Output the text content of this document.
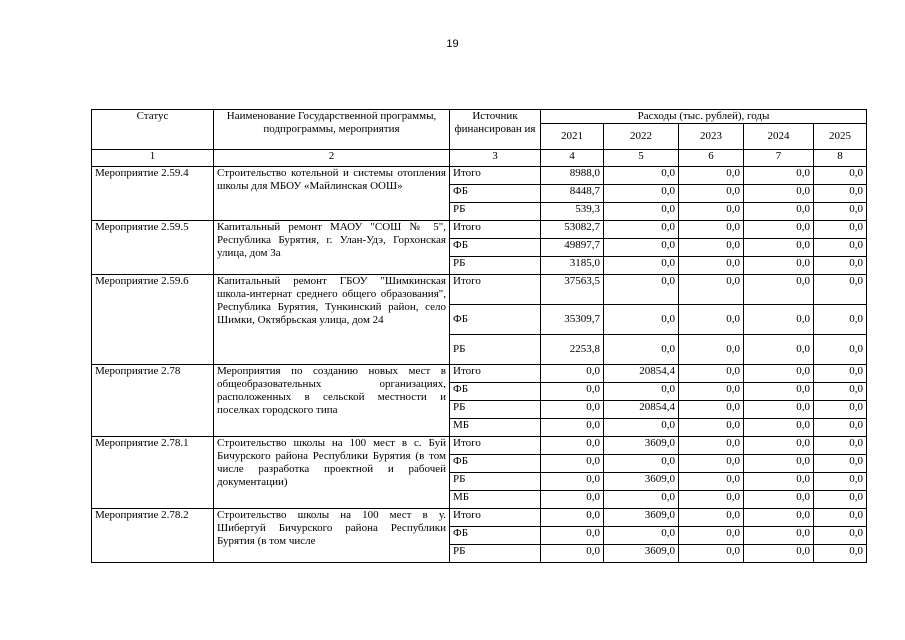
19
Статус	Наименование Государственной программы, подпрограммы, мероприятия	Источник финансирован ия	Расходы (тыс. рублей), годы				
			2021	2022	2023	2024	2025
1	2	3	4	5	6	7	8
Мероприятие 2.59.4	Строительство котельной и системы отопления школы для МБОУ «Майлинская ООШ»	Итого	8988,0	0,0	0,0	0,0	0,0
		ФБ	8448,7	0,0	0,0	0,0	0,0
		РБ	539,3	0,0	0,0	0,0	0,0
Мероприятие 2.59.5	Капитальный ремонт МАОУ "СОШ № 5", Республика Бурятия, г. Улан-Удэ, Горхонская улица, дом 3а	Итого	53082,7	0,0	0,0	0,0	0,0
		ФБ	49897,7	0,0	0,0	0,0	0,0
		РБ	3185,0	0,0	0,0	0,0	0,0
Мероприятие 2.59.6	Капитальный ремонт ГБОУ "Шимкинская школа-интернат среднего общего образования", Республика Бурятия, Тункинский район, село Шимки, Октябрьская улица, дом 24	Итого	37563,5	0,0	0,0	0,0	0,0
		ФБ	35309,7	0,0	0,0	0,0	0,0
		РБ	2253,8	0,0	0,0	0,0	0,0
Мероприятие 2.78	Мероприятия по созданию новых мест в общеобразовательных организациях, расположенных в сельской местности и поселках городского типа	Итого	0,0	20854,4	0,0	0,0	0,0
		ФБ	0,0	0,0	0,0	0,0	0,0
		РБ	0,0	20854,4	0,0	0,0	0,0
		МБ	0,0	0,0	0,0	0,0	0,0
Мероприятие 2.78.1	Строительство школы на 100 мест в с. Буй Бичурского района Республики Бурятия (в том числе разработка проектной и рабочей документации)	Итого	0,0	3609,0	0,0	0,0	0,0
		ФБ	0,0	0,0	0,0	0,0	0,0
		РБ	0,0	3609,0	0,0	0,0	0,0
		МБ	0,0	0,0	0,0	0,0	0,0
Мероприятие 2.78.2	Строительство школы на 100 мест в у. Шибертуй Бичурского района Республики Бурятия (в том числе	Итого	0,0	3609,0	0,0	0,0	0,0
		ФБ	0,0	0,0	0,0	0,0	0,0
		РБ	0,0	3609,0	0,0	0,0	0,0
